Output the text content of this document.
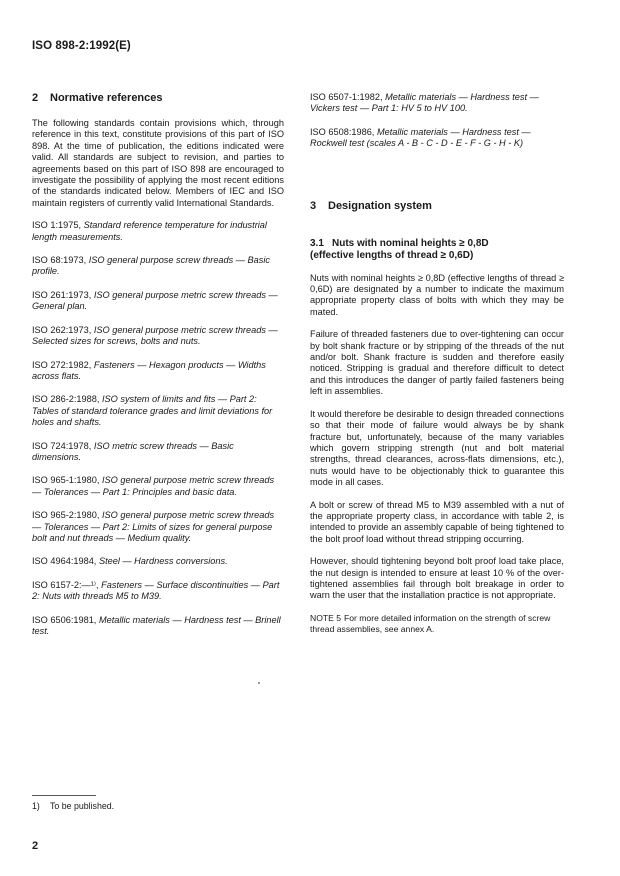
ISO 898-2:1992(E)
2 Normative references

The following standards contain provisions which, through reference in this text, constitute provisions of this part of ISO 898. At the time of publication, the editions indicated were valid. All standards are subject to revision, and parties to agreements based on this part of ISO 898 are encouraged to investigate the possibility of applying the most recent editions of the standards indicated below. Members of IEC and ISO maintain registers of currently valid International Standards.

ISO 1:1975, Standard reference temperature for industrial length measurements.

ISO 68:1973, ISO general purpose screw threads — Basic profile.

ISO 261:1973, ISO general purpose metric screw threads — General plan.

ISO 262:1973, ISO general purpose metric screw threads — Selected sizes for screws, bolts and nuts.

ISO 272:1982, Fasteners — Hexagon products — Widths across flats.

ISO 286-2:1988, ISO system of limits and fits — Part 2: Tables of standard tolerance grades and limit deviations for holes and shafts.

ISO 724:1978, ISO metric screw threads — Basic dimensions.

ISO 965-1:1980, ISO general purpose metric screw threads — Tolerances — Part 1: Principles and basic data.

ISO 965-2:1980, ISO general purpose metric screw threads — Tolerances — Part 2: Limits of sizes for general purpose bolt and nut threads — Medium quality.

ISO 4964:1984, Steel — Hardness conversions.

ISO 6157-2:—¹⁾, Fasteners — Surface discontinuities — Part 2: Nuts with threads M5 to M39.

ISO 6506:1981, Metallic materials — Hardness test — Brinell test.

ISO 6507-1:1982, Metallic materials — Hardness test — Vickers test — Part 1: HV 5 to HV 100.

ISO 6508:1986, Metallic materials — Hardness test — Rockwell test (scales A - B - C - D - E - F - G - H - K)

3 Designation system
3.1 Nuts with nominal heights ≥ 0,8D
(effective lengths of thread ≥ 0,6D)

Nuts with nominal heights ≥ 0,8D (effective lengths of thread ≥ 0,6D) are designated by a number to indicate the maximum appropriate property class of bolts with which they may be mated.

Failure of threaded fasteners due to over-tightening can occur by bolt shank fracture or by stripping of the threads of the nut and/or bolt. Shank fracture is sudden and therefore easily noticed. Stripping is gradual and therefore difficult to detect and this introduces the danger of partly failed fasteners being left in assemblies.

It would therefore be desirable to design threaded connections so that their mode of failure would always be by shank fracture but, unfortunately, because of the many variables which govern stripping strength (nut and bolt material strengths, thread clearances, across-flats dimensions, etc.), nuts would have to be objectionably thick to guarantee this mode in all cases.

A bolt or screw of thread M5 to M39 assembled with a nut of the appropriate property class, in accordance with table 2, is intended to provide an assembly capable of being tightened to the bolt proof load without thread stripping occurring.

However, should tightening beyond bolt proof load take place, the nut design is intended to ensure at least 10 % of the over-tightened assemblies fail through bolt breakage in order to warn the user that the installation practice is not appropriate.

NOTE 5 For more detailed information on the strength of screw thread assemblies, see annex A.
1) To be published.
2
